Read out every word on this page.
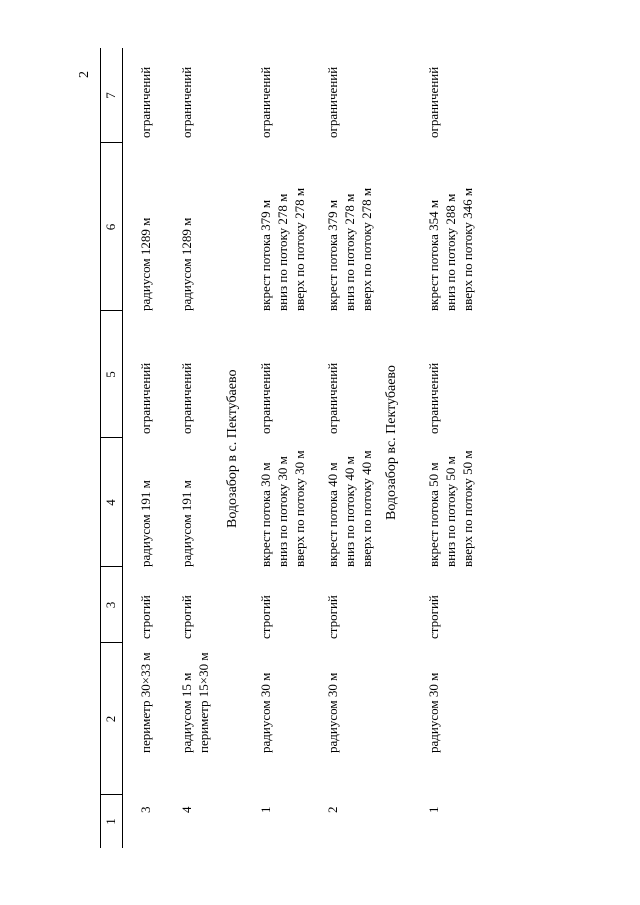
2
1
2
3
4
5
6
7
3
периметр 30×33 м
строгий
радиусом 191 м
ограничений
радиусом 1289 м
ограничений
4
радиусом 15 м периметр 15×30 м
строгий
радиусом 191 м
ограничений
радиусом 1289 м
ограничений
1
радиусом 30 м
строгий
вкрест потока 30 м вниз по потоку 30 м вверх по потоку 30 м
ограничений
вкрест потока 379 м вниз по потоку 278 м вверх по потоку 278 м
ограничений
2
радиусом 30 м
строгий
вкрест потока 40 м вниз по потоку 40 м вверх по потоку 40 м
ограничений
вкрест потока 379 м вниз по потоку 278 м вверх по потоку 278 м
ограничений
1
радиусом 30 м
строгий
вкрест потока 50 м вниз по потоку 50 м вверх по потоку 50 м
ограничений
вкрест потока 354 м вниз по потоку 288 м вверх по потоку 346 м
ограничений
Водозабор в с. Пектубаево	Водозабор вс. Пектубаево
